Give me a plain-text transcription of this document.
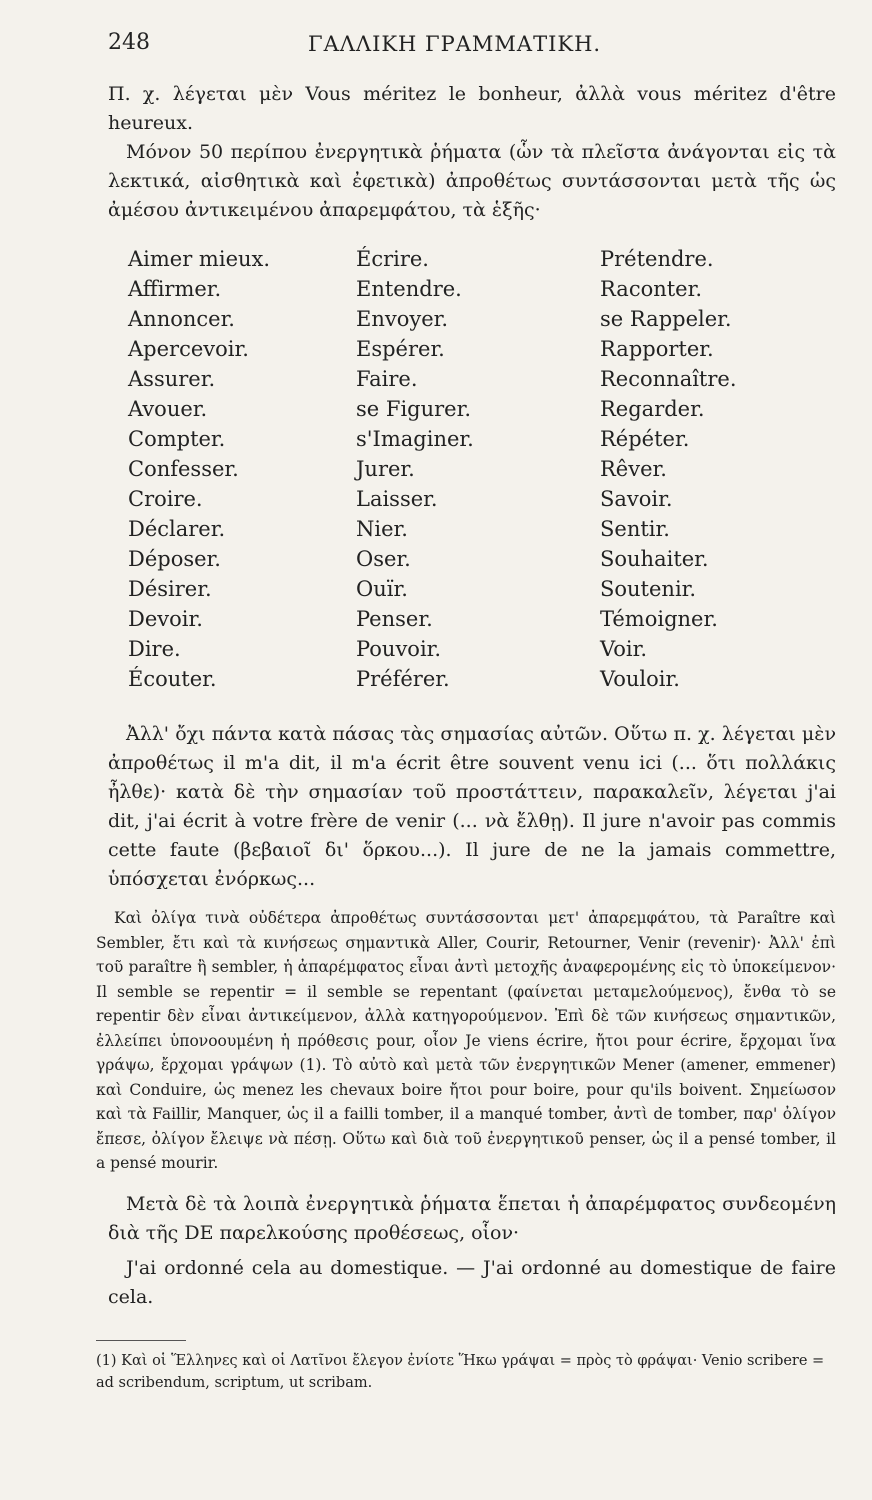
248	ΓΑΛΛΙΚΗ ΓΡΑΜΜΑΤΙΚΗ.

Π. χ. λέγεται μὲν Vous méritez le bonheur, ἀλλὰ vous méritez d'être heureux.

Μόνον 50 περίπου ἐνεργητικὰ ῥήματα (ὧν τὰ πλεῖστα ἀνάγονται εἰς τὰ λεκτικά, αἰσθητικὰ καὶ ἐφετικὰ) ἀπροθέτως συντάσσονται μετὰ τῆς ὡς ἀμέσου ἀντικειμένου ἀπαρεμφάτου, τὰ ἑξῆς·

Aimer mieux.
Affirmer.
Annoncer.
Apercevoir.
Assurer.
Avouer.
Compter.
Confesser.
Croire.
Déclarer.
Déposer.
Désirer.
Devoir.
Dire.
Écouter.
Écrire.
Entendre.
Envoyer.
Espérer.
Faire.
se Figurer.
s'Imaginer.
Jurer.
Laisser.
Nier.
Oser.
Ouïr.
Penser.
Pouvoir.
Préférer.
Prétendre.
Raconter.
se Rappeler.
Rapporter.
Reconnaître.
Regarder.
Répéter.
Rêver.
Savoir.
Sentir.
Souhaiter.
Soutenir.
Témoigner.
Voir.
Vouloir.

Ἀλλ' ὄχι πάντα κατὰ πάσας τὰς σημασίας αὐτῶν. Οὕτω π. χ. λέγεται μὲν ἀπροθέτως il m'a dit, il m'a écrit être souvent venu ici (... ὅτι πολλάκις ἦλθε)· κατὰ δὲ τὴν σημασίαν τοῦ προστάττειν, παρακαλεῖν, λέγεται j'ai dit, j'ai écrit à votre frère de venir (... νὰ ἔλθῃ). Il jure n'avoir pas commis cette faute (βεβαιοῖ δι' ὅρκου...). Il jure de ne la jamais commettre, ὑπόσχεται ἐνόρκως...

Καὶ ὀλίγα τινὰ οὐδέτερα ἀπροθέτως συντάσσονται μετ' ἀπαρεμφάτου, τὰ Paraître καὶ Sembler, ἔτι καὶ τὰ κινήσεως σημαντικὰ Aller, Courir, Retourner, Venir (revenir)· Ἀλλ' ἐπὶ τοῦ paraître ἢ sembler, ἡ ἀπαρέμφατος εἶναι ἀντὶ μετοχῆς ἀναφερομένης εἰς τὸ ὑποκείμενον· Il semble se repentir = il semble se repentant (φαίνεται μεταμελούμενος), ἔνθα τὸ se repentir δὲν εἶναι ἀντικείμενον, ἀλλὰ κατηγορούμενον. Ἐπὶ δὲ τῶν κινήσεως σημαντικῶν, ἐλλείπει ὑπονοουμένη ἡ πρόθεσις pour, οἷον Je viens écrire, ἤτοι pour écrire, ἔρχομαι ἵνα γράψω, ἔρχομαι γράψων (1). Τὸ αὐτὸ καὶ μετὰ τῶν ἐνεργητικῶν Mener (amener, emmener) καὶ Conduire, ὡς menez les chevaux boire ἤτοι pour boire, pour qu'ils boivent. Σημείωσον καὶ τὰ Faillir, Manquer, ὡς il a failli tomber, il a manqué tomber, ἀντὶ de tomber, παρ' ὀλίγον ἔπεσε, ὀλίγον ἔλειψε νὰ πέσῃ. Οὕτω καὶ διὰ τοῦ ἐνεργητικοῦ penser, ὡς il a pensé tomber, il a pensé mourir.

Μετὰ δὲ τὰ λοιπὰ ἐνεργητικὰ ῥήματα ἕπεται ἡ ἀπαρέμφατος συνδεομένη διὰ τῆς DE παρελκούσης προθέσεως, οἷον·

J'ai ordonné cela au domestique. — J'ai ordonné au domestique de faire cela.

(1) Καὶ οἱ Ἕλληνες καὶ οἱ Λατῖνοι ἔλεγον ἐνίοτε Ἥκω γράψαι = πρὸς τὸ φράψαι· Venio scribere = ad scribendum, scriptum, ut scribam.
